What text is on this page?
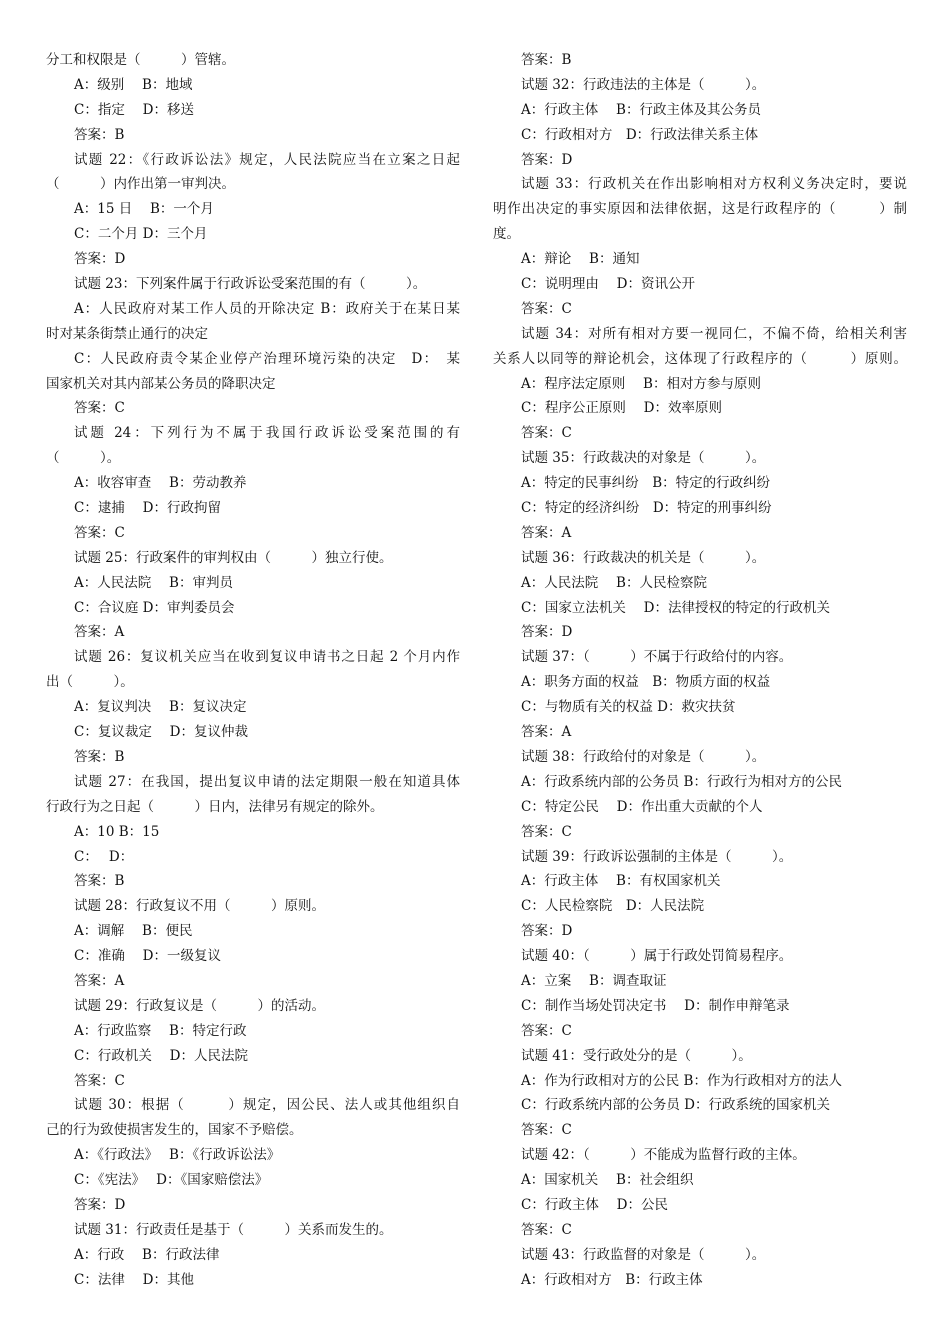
分工和权限是（　　　）管辖。
A：级别　 B：地域
C：指定　 D：移送
答案：B
试题 22：《行政诉讼法》规定，人民法院应当在立案之日起
（　　　）内作出第一审判决。
A：15 日　 B：一个月
C：二个月 D：三个月
答案：D
试题 23：下列案件属于行政诉讼受案范围的有（　　　）。
A：人民政府对某工作人员的开除决定 B：政府关于在某日某
时对某条街禁止通行的决定
C：人民政府责令某企业停产治理环境污染的决定　D：　某
国家机关对其内部某公务员的降职决定
答案：C
试题 24：下列行为不属于我国行政诉讼受案范围的有
（　　　）。
A：收容审查　 B：劳动教养
C：逮捕　 D：行政拘留
答案：C
试题 25：行政案件的审判权由（　　　）独立行使。
A：人民法院　 B：审判员
C：合议庭 D：审判委员会
答案：A
试题 26：复议机关应当在收到复议申请书之日起 2 个月内作
出（　　　）。
A：复议判决　 B：复议决定
C：复议裁定　 D：复议仲裁
答案：B
试题 27：在我国，提出复议申请的法定期限一般在知道具体
行政行为之日起（　　　）日内，法律另有规定的除外。
A：10 B：15
C：　 D：
答案：B
试题 28：行政复议不用（　　　）原则。
A：调解　 B：便民
C：准确　 D：一级复议
答案：A
试题 29：行政复议是（　　　）的活动。
A：行政监察　 B：特定行政
C：行政机关　 D：人民法院
答案：C
试题 30：根据（　　　）规定，因公民、法人或其他组织自
己的行为致使损害发生的，国家不予赔偿。
A：《行政法》　 B：《行政诉讼法》
C：《宪法》　 D：《国家赔偿法》
答案：D
试题 31：行政责任是基于（　　　）关系而发生的。
A：行政　 B：行政法律
C：法律　 D：其他
答案：B
试题 32：行政违法的主体是（　　　）。
A：行政主体　 B：行政主体及其公务员
C：行政相对方　D：行政法律关系主体
答案：D
试题 33：行政机关在作出影响相对方权利义务决定时，要说
明作出决定的事实原因和法律依据，这是行政程序的（　　　）制
度。
A：辩论　 B：通知
C：说明理由　 D：资讯公开
答案：C
试题 34：对所有相对方要一视同仁，不偏不倚，给相关利害
关系人以同等的辩论机会，这体现了行政程序的（　　　）原则。
A：程序法定原则　 B：相对方参与原则
C：程序公正原则　 D：效率原则
答案：C
试题 35：行政裁决的对象是（　　　）。
A：特定的民事纠纷　B：特定的行政纠纷
C：特定的经济纠纷　D：特定的刑事纠纷
答案：A
试题 36：行政裁决的机关是（　　　）。
A：人民法院　 B：人民检察院
C：国家立法机关　 D：法律授权的特定的行政机关
答案：D
试题 37：（　　　）不属于行政给付的内容。
A：职务方面的权益　B：物质方面的权益
C：与物质有关的权益 D：救灾扶贫
答案：A
试题 38：行政给付的对象是（　　　）。
A：行政系统内部的公务员 B：行政行为相对方的公民
C：特定公民　 D：作出重大贡献的个人
答案：C
试题 39：行政诉讼强制的主体是（　　　）。
A：行政主体　 B：有权国家机关
C：人民检察院　D：人民法院
答案：D
试题 40：（　　　）属于行政处罚简易程序。
A：立案　 B：调查取证
C：制作当场处罚决定书　 D：制作申辩笔录
答案：C
试题 41：受行政处分的是（　　　）。
A：作为行政相对方的公民 B：作为行政相对方的法人
C：行政系统内部的公务员 D：行政系统的国家机关
答案：C
试题 42：（　　　）不能成为监督行政的主体。
A：国家机关　 B：社会组织
C：行政主体　 D：公民
答案：C
试题 43：行政监督的对象是（　　　）。
A：行政相对方　B：行政主体
